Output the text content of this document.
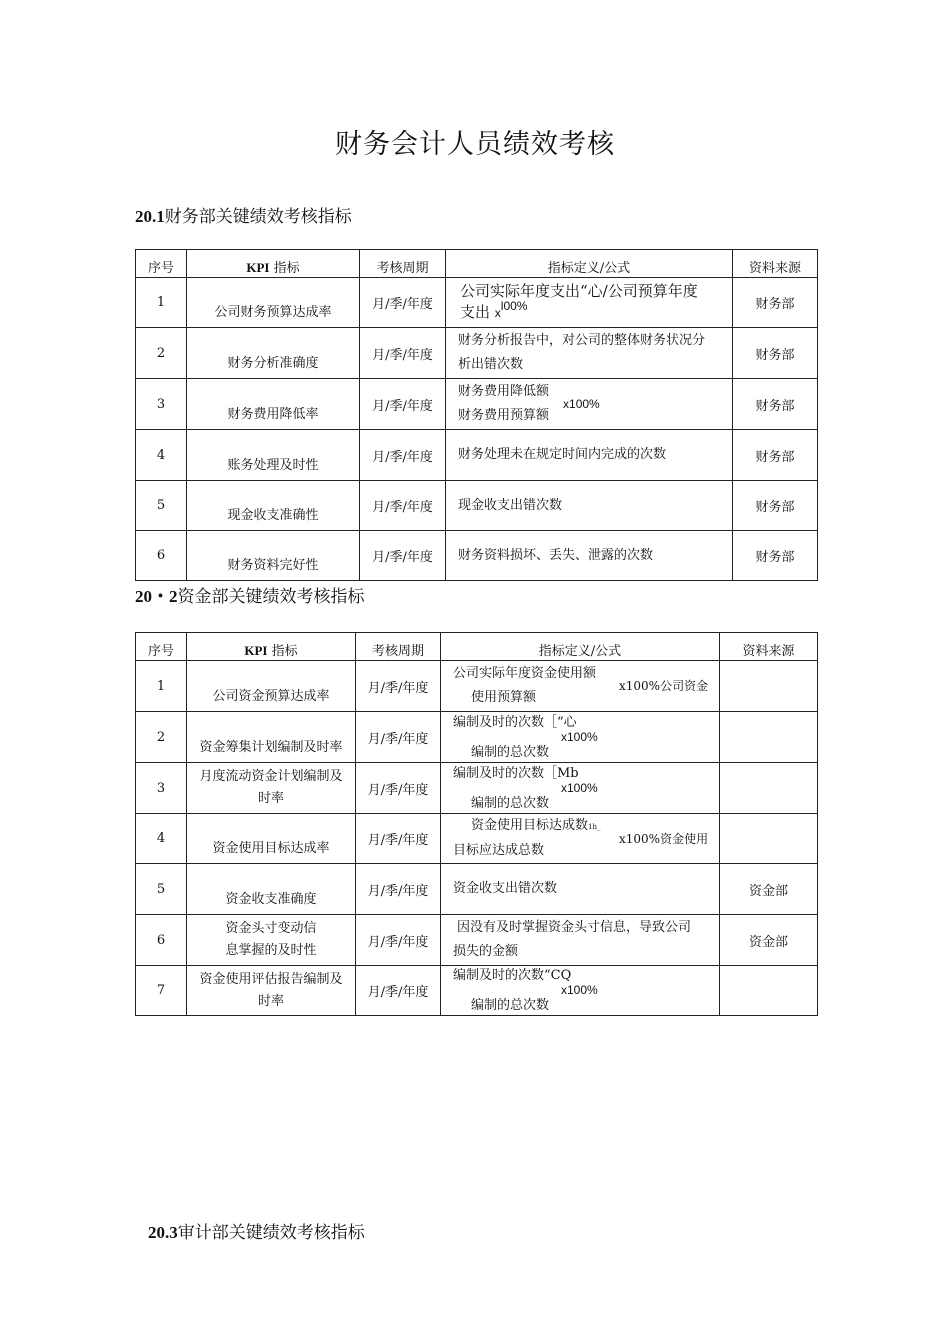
财务会计人员绩效考核
20.1财务部关键绩效考核指标
序号	KPI 指标	考核周期	指标定义/公式	资料来源
1	公司财务预算达成率	月/季/年度	公司实际年度支出“心/公司预算年度
支出 $x^{l00\%}$	财务部
2	财务分析准确度	月/季/年度	财务分析报告中，对公司的整体财务状况分
析出错次数	财务部
3	财务费用降低率	月/季/年度	财务费用降低额
财务费用预算额
x100%	财务部
4	账务处理及时性	月/季/年度	财务处理未在规定时间内完成的次数	财务部
5	现金收支准确性	月/季/年度	现金收支出错次数	财务部
6	财务资料完好性	月/季/年度	财务资料损坏、丢失、泄露的次数	财务部
20・2资金部关键绩效考核指标
序号	KPI 指标	考核周期	指标定义/公式	资料来源
1	公司资金预算达成率	月/季/年度	公司实际年度资金使用额
使用预算额
x100%公司资金	

2	资金筹集计划编制及时率	月/季/年度	编制及时的次数［“心
x100%
编制的总次数	

3	月度流动资金计划编制及
时率	月/季/年度	编制及时的次数［Mb
x100%
编制的总次数	

4	资金使用目标达成率	月/季/年度	资金使用目标达成数1h_
目标应达成总数
x100%资金使用	

5	资金收支准确度	月/季/年度	资金收支出错次数	资金部
6	资金头寸变动信
息掌握的及时性	月/季/年度	因没有及时掌握资金头寸信息，导致公司
损失的金额	资金部
7	资金使用评估报告编制及
时率	月/季/年度	编制及时的次数“CQ
x100%
编制的总次数	

20.3审计部关键绩效考核指标
